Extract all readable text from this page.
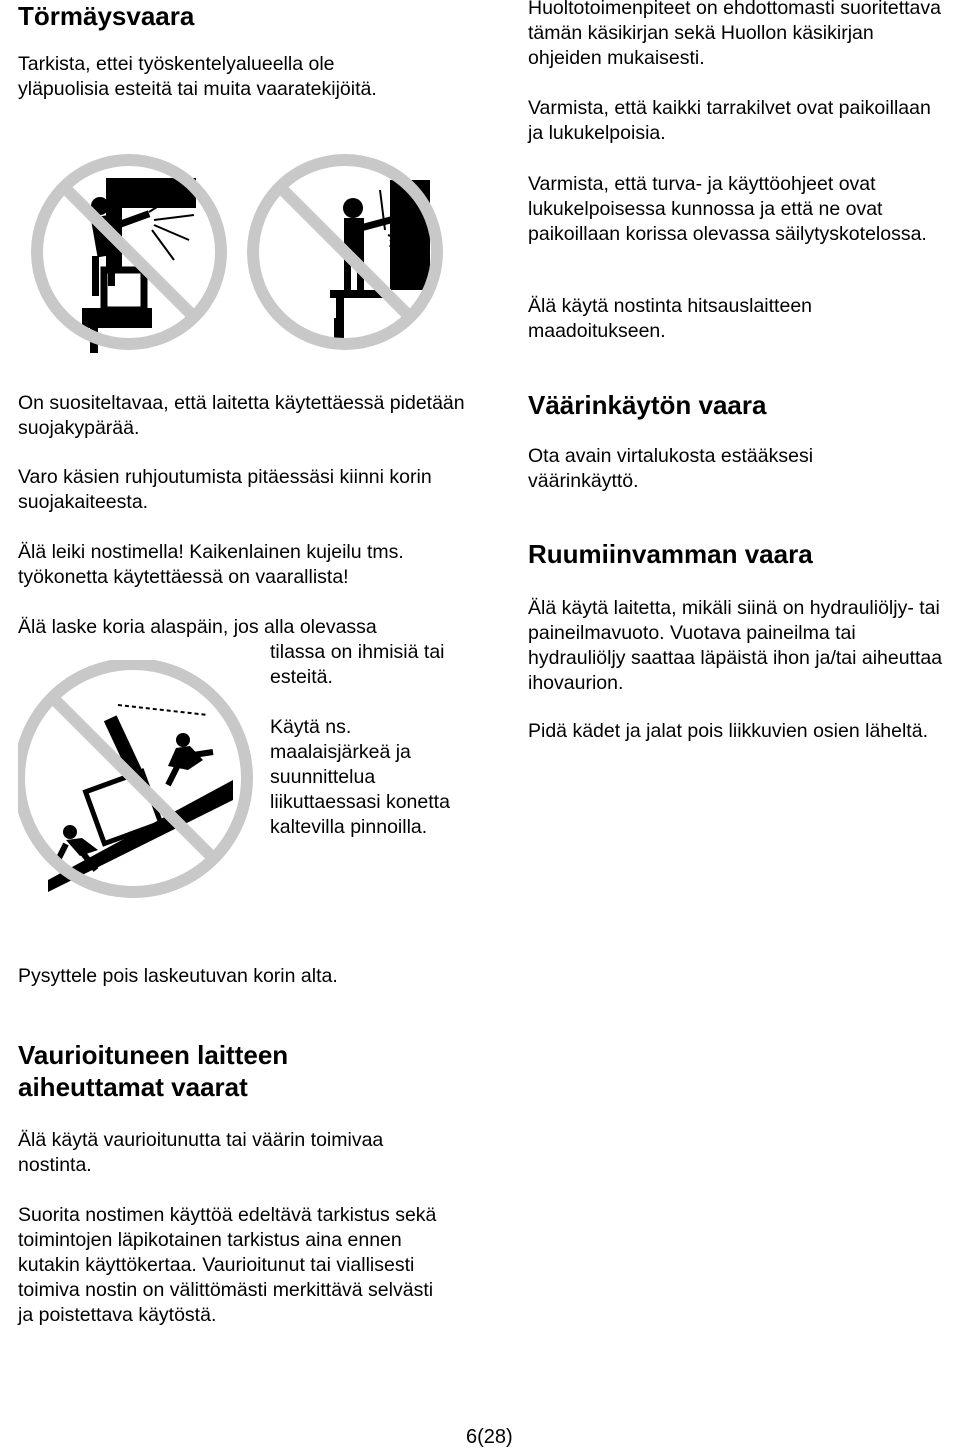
Törmäysvaara

Tarkista, ettei työskentelyalueella ole yläpuolisia esteitä tai muita vaaratekijöitä.

On suositeltavaa, että laitetta käytettäessä pidetään suojakypärää.

Varo käsien ruhjoutumista pitäessäsi kiinni korin suojakaiteesta.

Älä leiki nostimella! Kaikenlainen kujeilu tms. työkonetta käytettäessä on vaarallista!

Älä laske koria alaspäin, jos alla olevassa

tilassa on ihmisiä tai esteitä.

Käytä ns. maalaisjärkeä ja suunnittelua liikuttaessasi konetta kaltevilla pinnoilla.

Pysyttele pois laskeutuvan korin alta.

Vaurioituneen laitteen aiheuttamat vaarat

Älä käytä vaurioitunutta tai väärin toimivaa nostinta.

Suorita nostimen käyttöä edeltävä tarkistus sekä toimintojen läpikotainen tarkistus aina ennen kutakin käyttökertaa. Vaurioitunut tai viallisesti toimiva nostin on välittömästi merkittävä selvästi ja poistettava käytöstä.

Huoltotoimenpiteet on ehdottomasti suoritettava tämän käsikirjan sekä Huollon käsikirjan ohjeiden mukaisesti.

Varmista, että kaikki tarrakilvet ovat paikoillaan ja lukukelpoisia.

Varmista, että turva- ja käyttöohjeet ovat lukukelpoisessa kunnossa ja että ne ovat paikoillaan korissa olevassa säilytyskotelossa.

Älä käytä nostinta hitsauslaitteen maadoitukseen.

Väärinkäytön vaara

Ota avain virtalukosta estääksesi väärinkäyttö.

Ruumiinvamman vaara

Älä käytä laitetta, mikäli siinä on hydrauliöljy- tai paineilmavuoto. Vuotava paineilma tai hydrauliöljy saattaa läpäistä ihon ja/tai aiheuttaa ihovaurion.

Pidä kädet ja jalat pois liikkuvien osien läheltä.

6(28)
